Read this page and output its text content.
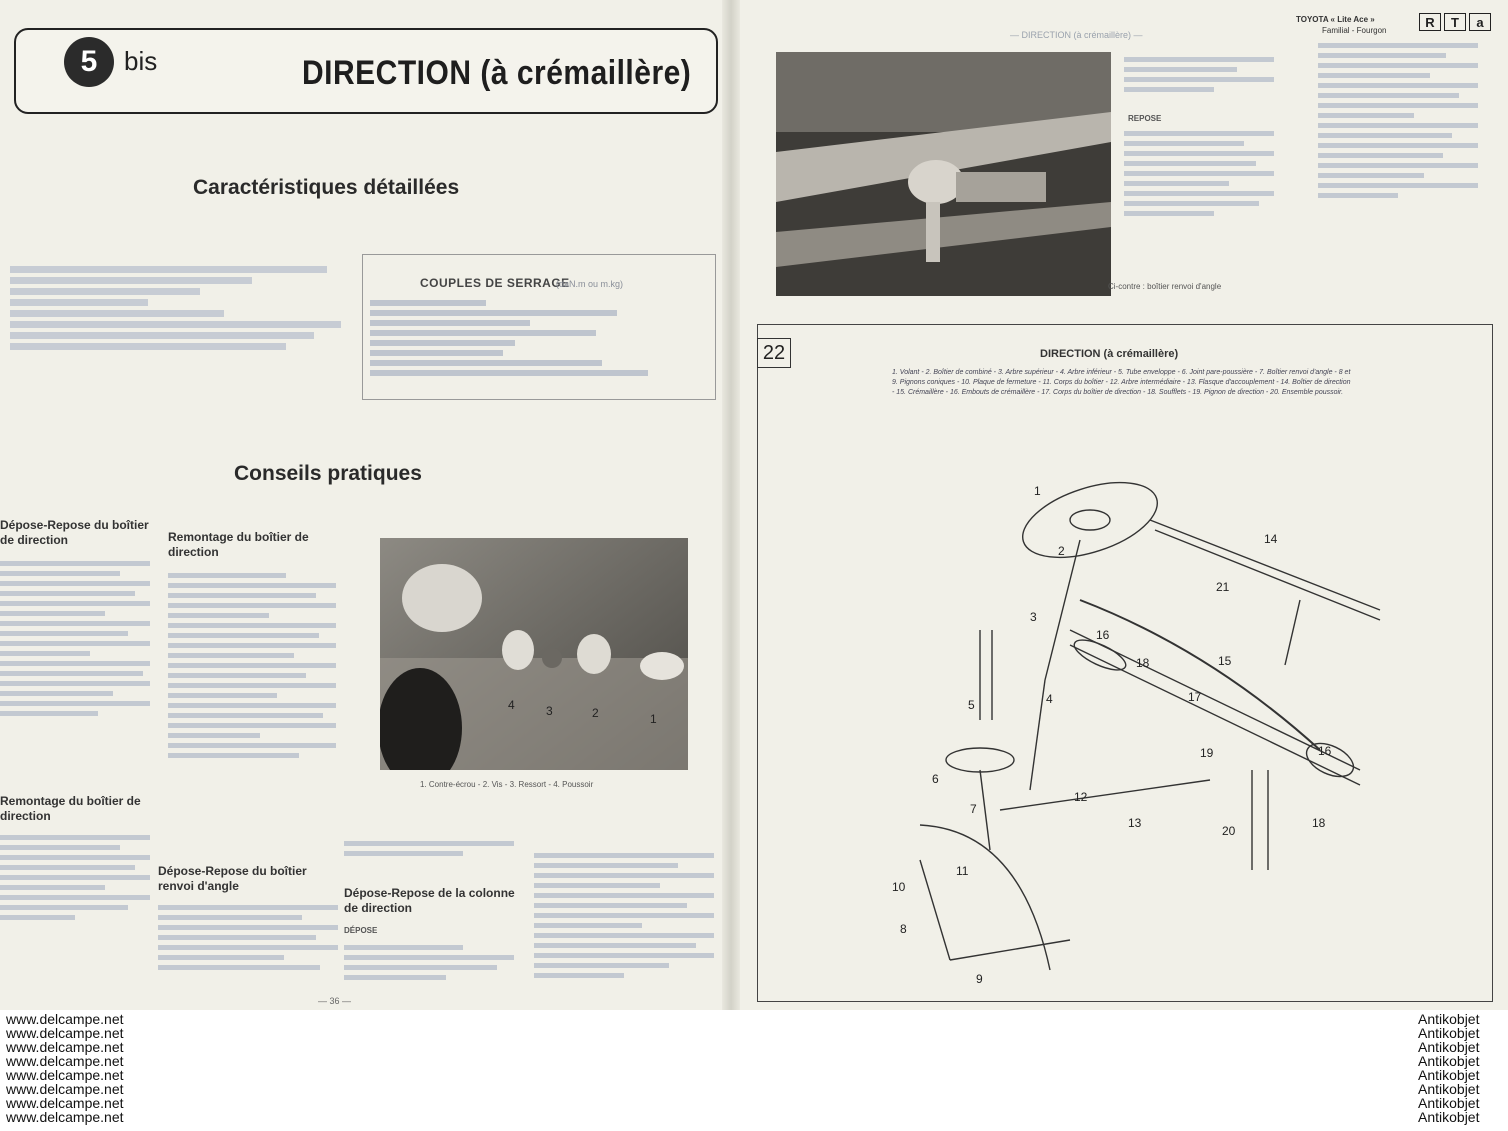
5	bis	DIRECTION (à crémaillère)
Caractéristiques détaillées
COUPLES DE SERRAGE
(daN.m ou m.kg)
Conseils pratiques
Dépose-Repose du boîtier de direction
Remontage du boîtier de direction
Remontage du boîtier de direction
Dépose-Repose du boîtier renvoi d'angle
4	3	2	1
1. Contre-écrou - 2. Vis - 3. Ressort - 4. Poussoir
Dépose-Repose de la colonne de direction
DÉPOSE
— 36 —
— DIRECTION (à crémaillère) —
TOYOTA « Lite Ace »
Familial - Fourgon
R T a
Ci-contre : boîtier renvoi d'angle
REPOSE
22	DIRECTION (à crémaillère)
1. Volant - 2. Boîtier de combiné - 3. Arbre supérieur - 4. Arbre inférieur - 5. Tube enveloppe - 6. Joint pare-poussière - 7. Boîtier renvoi d'angle - 8 et 9. Pignons coniques - 10. Plaque de fermeture - 11. Corps du boîtier - 12. Arbre intermédiaire - 13. Flasque d'accouplement - 14. Boîtier de direction - 15. Crémaillère - 16. Embouts de crémaillère - 17. Corps du boîtier de direction - 18. Soufflets - 19. Pignon de direction - 20. Ensemble poussoir.
1
2
3
4
5
6
7
8
9
10
11
12
13
14
15
16
16
17
18
18
19
20
21
www.delcampe.net
www.delcampe.net
www.delcampe.net
www.delcampe.net
www.delcampe.net
www.delcampe.net
www.delcampe.net
www.delcampe.net
Antikobjet
Antikobjet
Antikobjet
Antikobjet
Antikobjet
Antikobjet
Antikobjet
Antikobjet
